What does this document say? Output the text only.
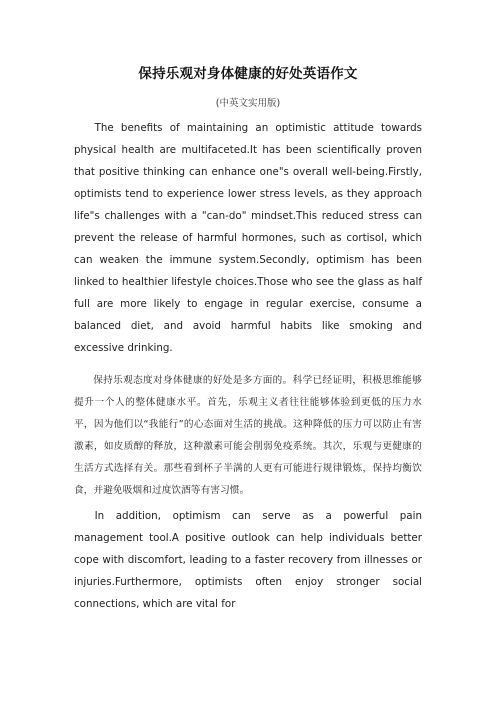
保持乐观对身体健康的好处英语作文
(中英文实用版)

The benefits of maintaining an optimistic attitude towards physical health are multifaceted.It has been scientifically proven that positive thinking can enhance one"s overall well-being.Firstly, optimists tend to experience lower stress levels, as they approach life"s challenges with a "can-do" mindset.This reduced stress can prevent the release of harmful hormones, such as cortisol, which can weaken the immune system.Secondly, optimism has been linked to healthier lifestyle choices.Those who see the glass as half full are more likely to engage in regular exercise, consume a balanced diet, and avoid harmful habits like smoking and excessive drinking.

保持乐观态度对身体健康的好处是多方面的。科学已经证明，积极思维能够提升一个人的整体健康水平。首先，乐观主义者往往能够体验到更低的压力水平，因为他们以“我能行”的心态面对生活的挑战。这种降低的压力可以防止有害激素，如皮质醇的释放，这种激素可能会削弱免疫系统。其次，乐观与更健康的生活方式选择有关。那些看到杯子半满的人更有可能进行规律锻炼，保持均衡饮食，并避免吸烟和过度饮酒等有害习惯。

In addition, optimism can serve as a powerful pain management tool.A positive outlook can help individuals better cope with discomfort, leading to a faster recovery from illnesses or injuries.Furthermore, optimists often enjoy stronger social connections, which are vital for
